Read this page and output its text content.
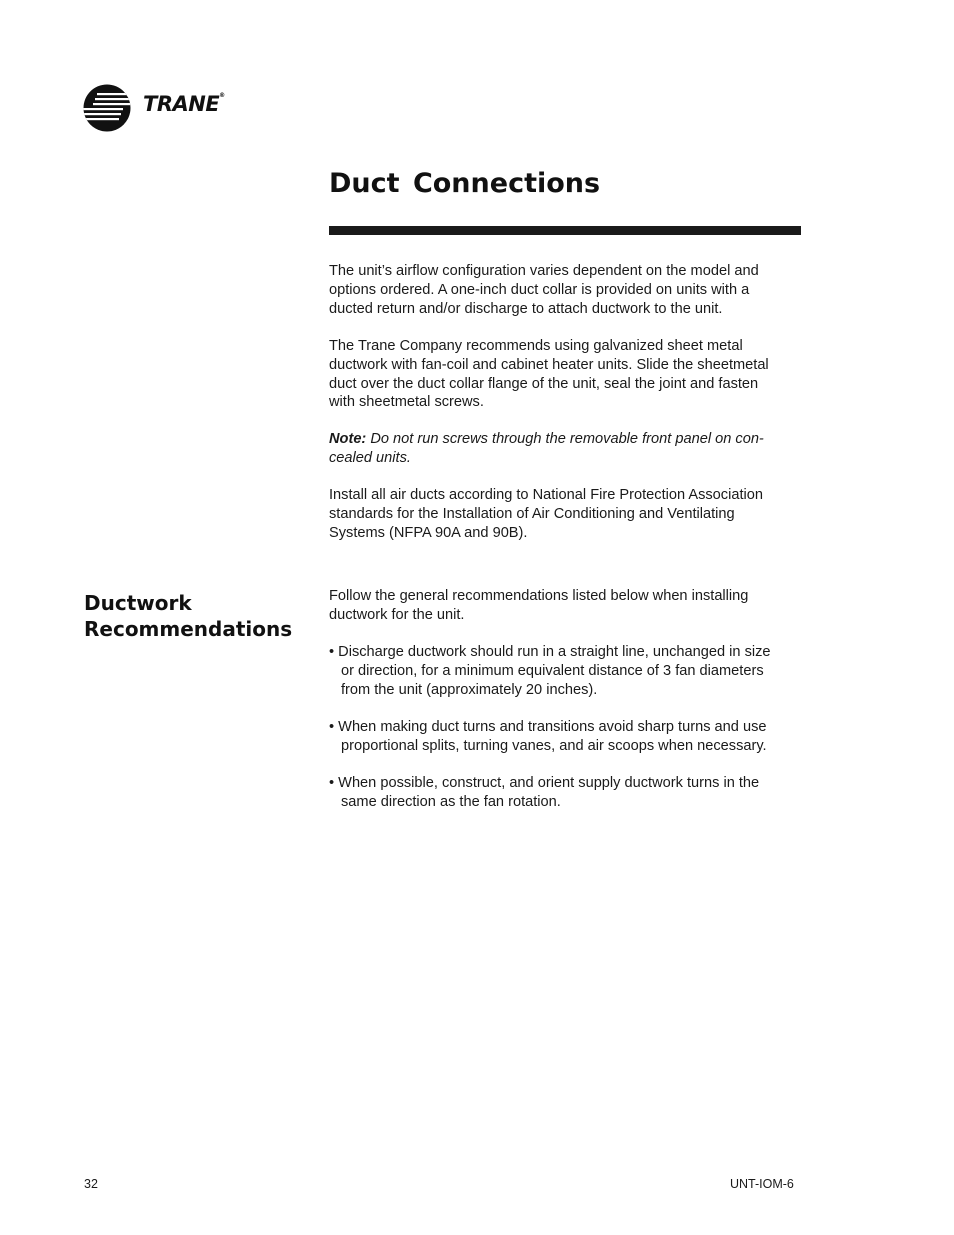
TRANE®
Duct Connections

The unit’s airflow configuration varies dependent on the model and
options ordered. A one-inch duct collar is provided on units with a
ducted return and/or discharge to attach ductwork to the unit.

The Trane Company recommends using galvanized sheet metal
ductwork with fan-coil and cabinet heater units. Slide the sheetmetal
duct over the duct collar flange of the unit, seal the joint and fasten
with sheetmetal screws.

Note: Do not run screws through the removable front panel on con-
cealed units.

Install all air ducts according to National Fire Protection Association
standards for the Installation of Air Conditioning and Ventilating
Systems (NFPA 90A and 90B).

Ductwork
Recommendations

Follow the general recommendations listed below when installing
ductwork for the unit.

• Discharge ductwork should run in a straight line, unchanged in size
or direction, for a minimum equivalent distance of 3 fan diameters
from the unit (approximately 20 inches).

• When making duct turns and transitions avoid sharp turns and use
proportional splits, turning vanes, and air scoops when necessary.

• When possible, construct, and orient supply ductwork turns in the
same direction as the fan rotation.

32	UNT-IOM-6
